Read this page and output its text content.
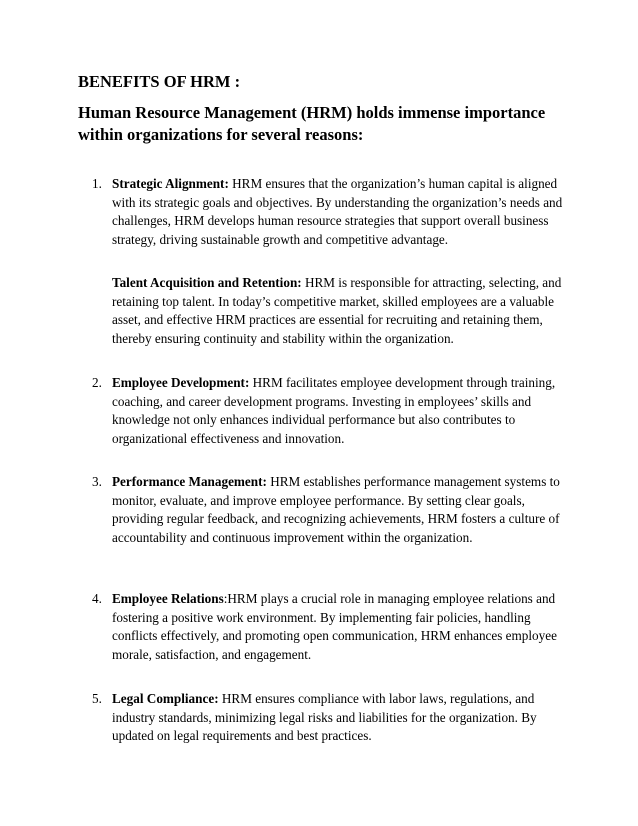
BENEFITS OF HRM :

Human Resource Management (HRM) holds immense importance within organizations for several reasons:

1. Strategic Alignment: HRM ensures that the organization’s human capital is aligned with its strategic goals and objectives. By understanding the organization’s needs and challenges, HRM develops human resource strategies that support overall business strategy, driving sustainable growth and competitive advantage.
Talent Acquisition and Retention: HRM is responsible for attracting, selecting, and retaining top talent. In today’s competitive market, skilled employees are a valuable asset, and effective HRM practices are essential for recruiting and retaining them, thereby ensuring continuity and stability within the organization.
2. Employee Development: HRM facilitates employee development through training, coaching, and career development programs. Investing in employees’ skills and knowledge not only enhances individual performance but also contributes to organizational effectiveness and innovation.
3. Performance Management: HRM establishes performance management systems to monitor, evaluate, and improve employee performance. By setting clear goals, providing regular feedback, and recognizing achievements, HRM fosters a culture of accountability and continuous improvement within the organization.
4. Employee Relations:HRM plays a crucial role in managing employee relations and fostering a positive work environment. By implementing fair policies, handling conflicts effectively, and promoting open communication, HRM enhances employee morale, satisfaction, and engagement.
5. Legal Compliance: HRM ensures compliance with labor laws, regulations, and industry standards, minimizing legal risks and liabilities for the organization. By updated on legal requirements and best practices.
